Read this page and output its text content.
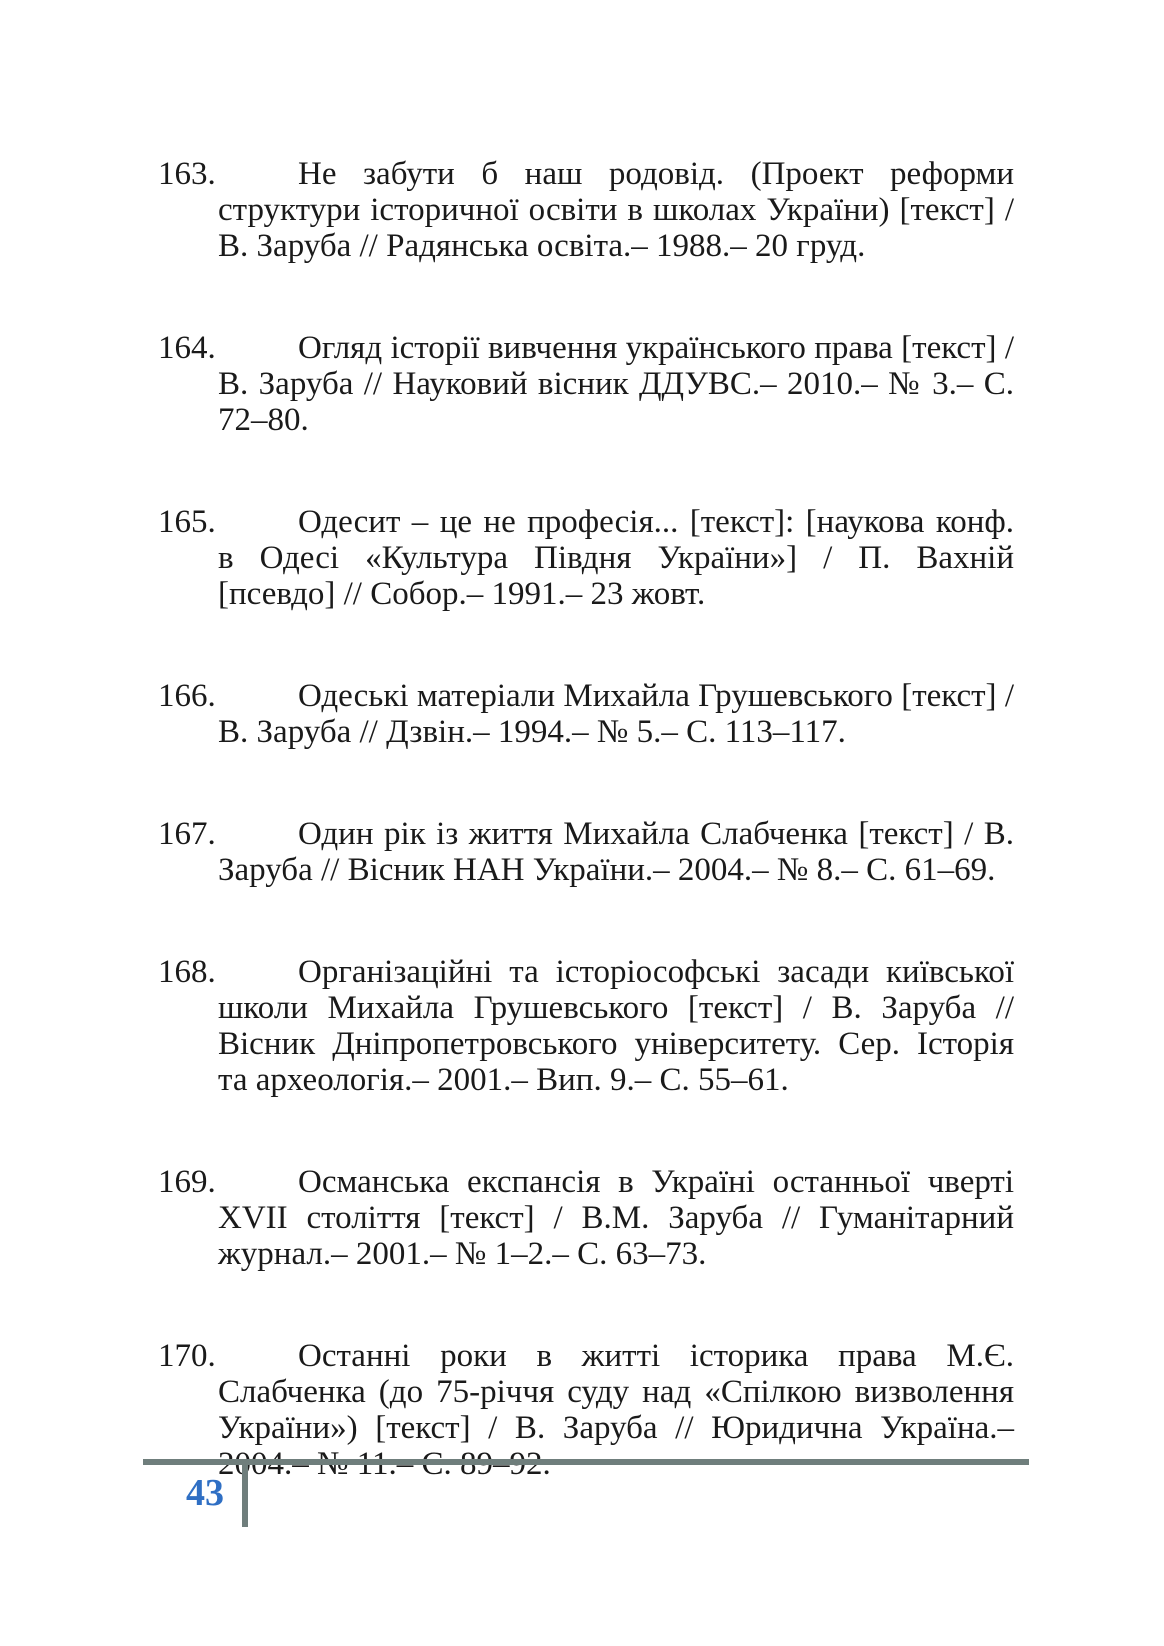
163.	Не забути б наш родовід. (Проект реформи структури історичної освіти в школах України) [текст] / В. Заруба // Радянська освіта.– 1988.– 20 груд.
164.	Огляд історії вивчення українського права [текст] / В. Заруба // Науковий вісник ДДУВС.– 2010.– № 3.– С. 72–80.
165.	Одесит – це не професія... [текст]: [наукова конф. в Одесі «Культура Півдня України»] / П. Вахній [псевдо] // Собор.– 1991.– 23 жовт.
166.	Одеські матеріали Михайла Грушевського [текст] / В. Заруба // Дзвін.– 1994.– № 5.– С. 113–117.
167.	Один рік із життя Михайла Слабченка [текст] / В. Заруба // Вісник НАН України.– 2004.– № 8.– С. 61–69.
168.	Організаційні та історіософські засади київської школи Михайла Грушевського [текст] / В. Заруба // Вісник Дніпропетровського університету. Сер. Історія та археологія.– 2001.– Вип. 9.– С. 55–61.
169.	Османська експансія в Україні останньої чверті XVII століття [текст] / В.М. Заруба // Гуманітарний журнал.– 2001.– № 1–2.– С. 63–73.
170.	Останні роки в житті історика права М.Є. Слабченка (до 75-річчя суду над «Спілкою визволення України») [текст] / В. Заруба // Юридична Україна.–
43
